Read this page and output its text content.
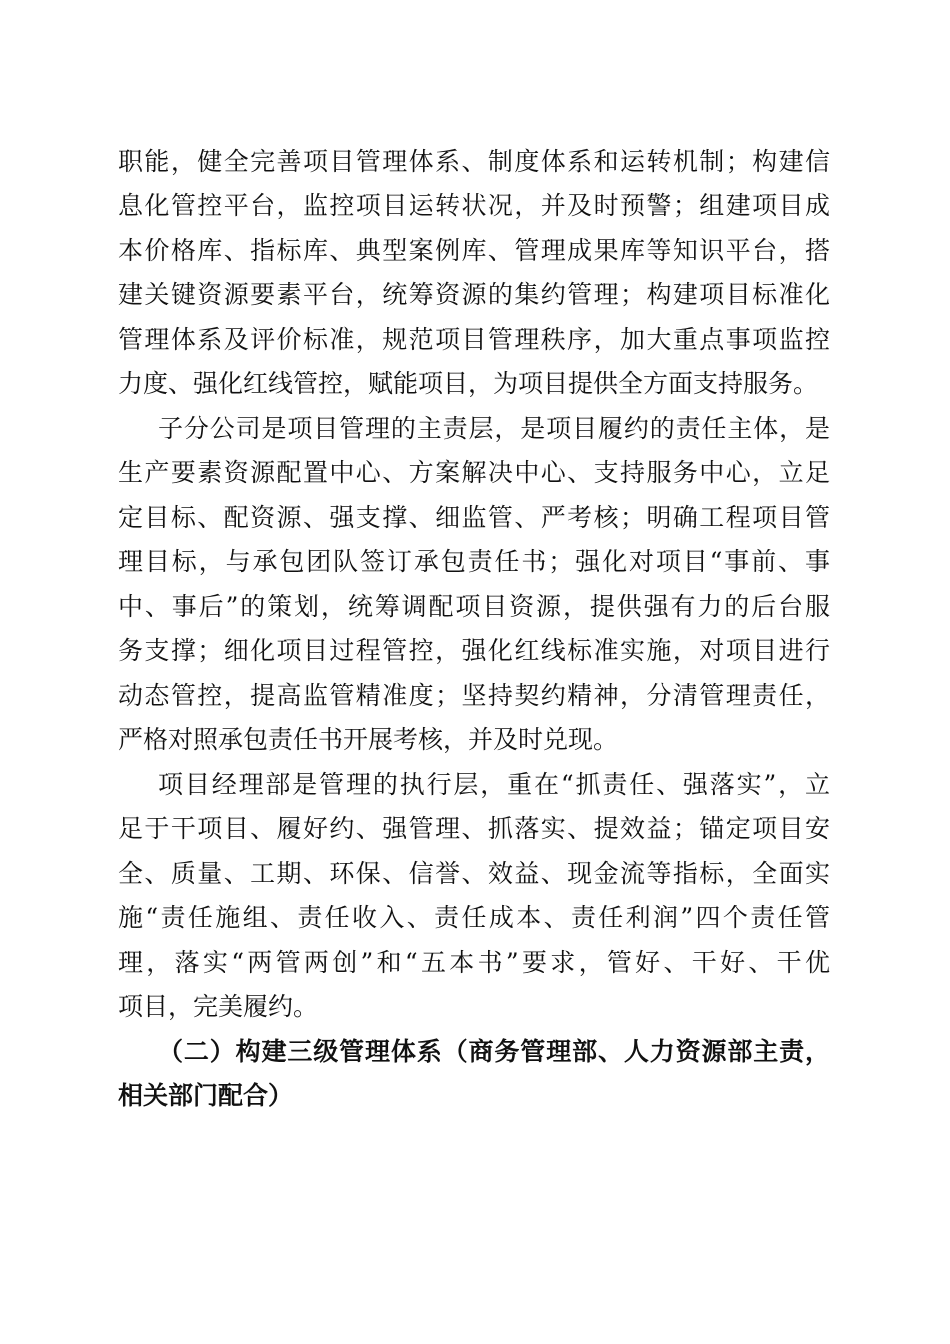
职能，健全完善项目管理体系、制度体系和运转机制；构建信
息化管控平台，监控项目运转状况，并及时预警；组建项目成
本价格库、指标库、典型案例库、管理成果库等知识平台，搭
建关键资源要素平台，统筹资源的集约管理；构建项目标准化
管理体系及评价标准，规范项目管理秩序，加大重点事项监控
力度、强化红线管控，赋能项目，为项目提供全方面支持服务。
子分公司是项目管理的主责层，是项目履约的责任主体，是
生产要素资源配置中心、方案解决中心、支持服务中心，立足
定目标、配资源、强支撑、细监管、严考核；明确工程项目管
理目标，与承包团队签订承包责任书；强化对项目“事前、事
中、事后”的策划，统筹调配项目资源，提供强有力的后台服
务支撑；细化项目过程管控，强化红线标准实施，对项目进行
动态管控，提高监管精准度；坚持契约精神，分清管理责任，
严格对照承包责任书开展考核，并及时兑现。
项目经理部是管理的执行层，重在“抓责任、强落实”，立
足于干项目、履好约、强管理、抓落实、提效益；锚定项目安
全、质量、工期、环保、信誉、效益、现金流等指标，全面实
施“责任施组、责任收入、责任成本、责任利润”四个责任管
理，落实“两管两创”和“五本书”要求，管好、干好、干优
项目，完美履约。
（二）构建三级管理体系（商务管理部、人力资源部主责，
相关部门配合）
